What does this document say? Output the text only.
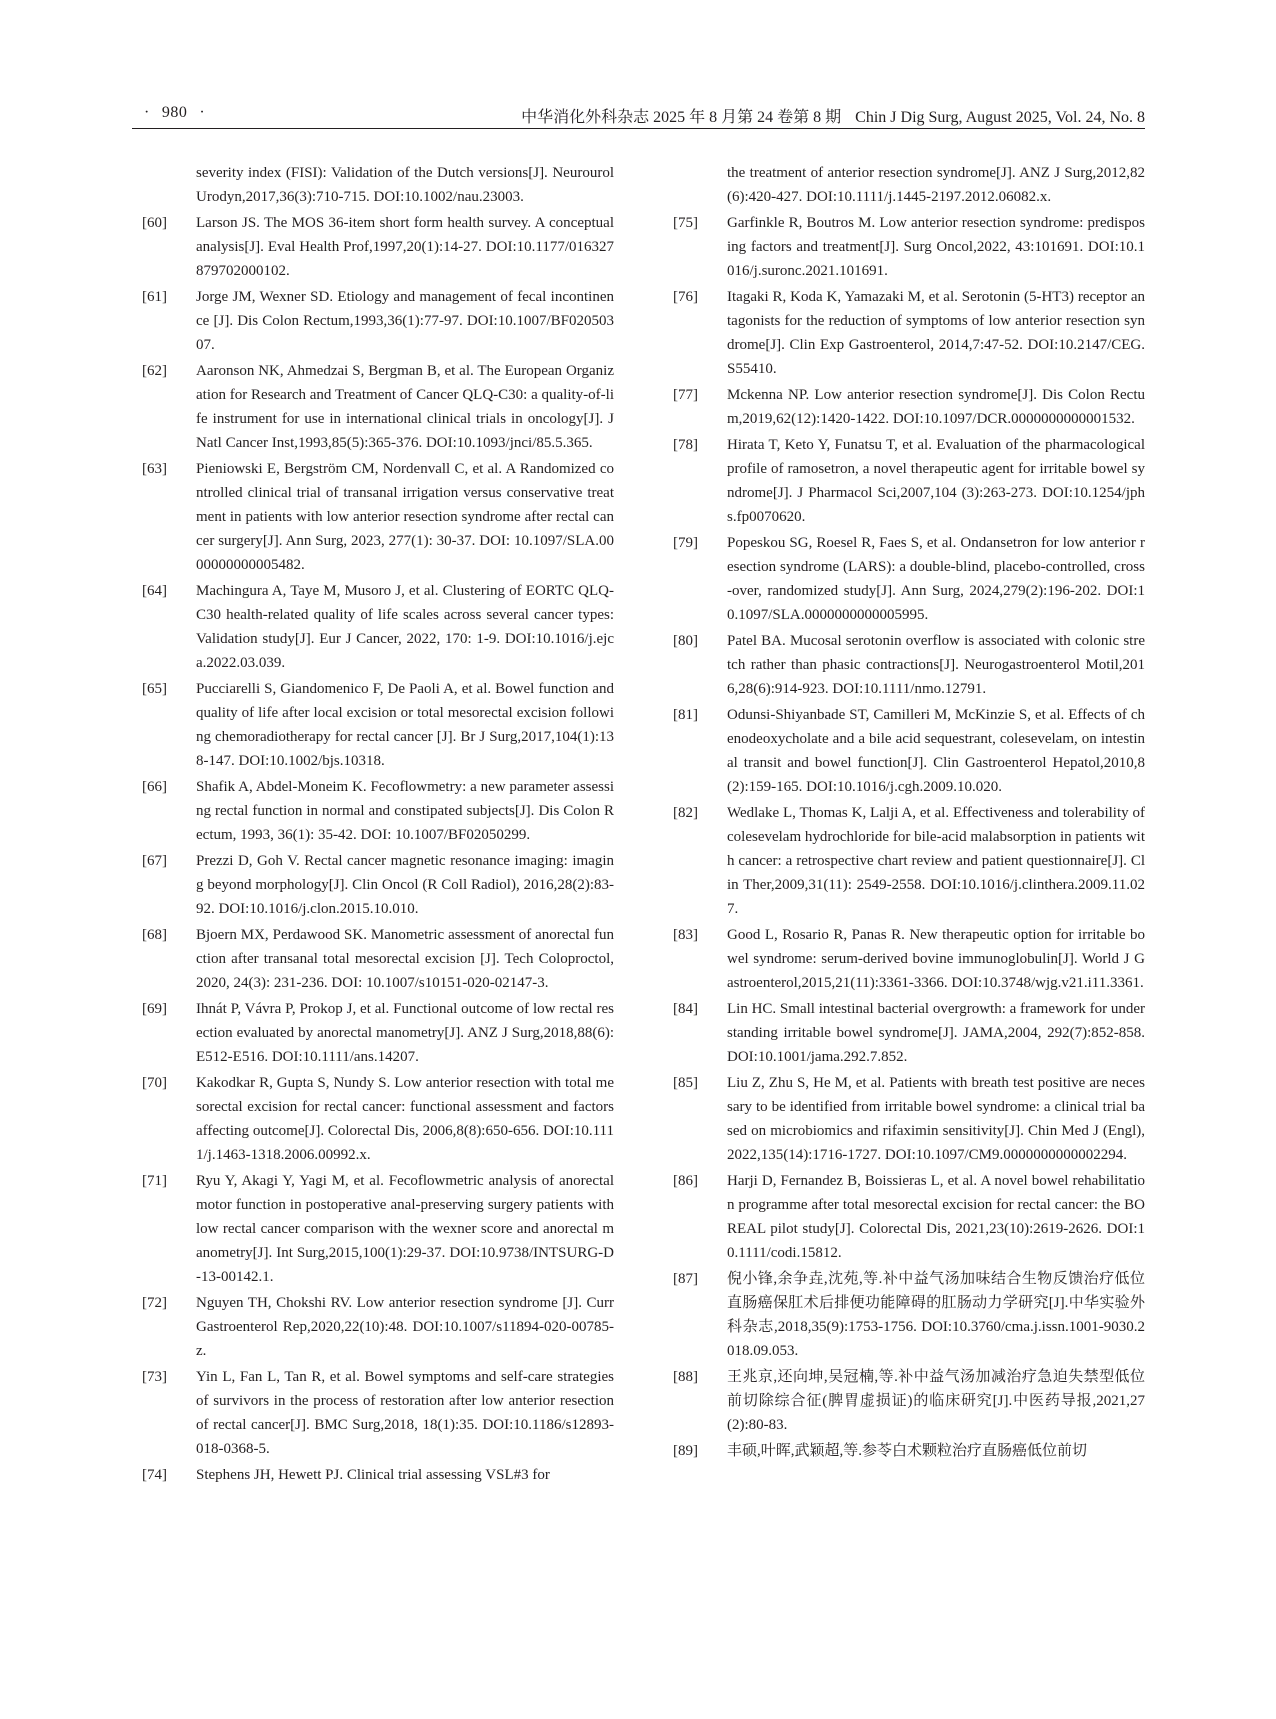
· 980 ·	中华消化外科杂志 2025 年 8 月第 24 卷第 8 期 Chin J Dig Surg, August 2025, Vol. 24, No. 8
severity index (FISI): Validation of the Dutch versions[J]. Neurourol Urodyn,2017,36(3):710-715. DOI:10.1002/nau.23003.
[60] Larson JS. The MOS 36-item short form health survey. A conceptual analysis[J]. Eval Health Prof,1997,20(1):14-27. DOI:10.1177/016327879702000102.
[61] Jorge JM, Wexner SD. Etiology and management of fecal incontinence [J]. Dis Colon Rectum,1993,36(1):77-97. DOI:10.1007/BF02050307.
[62] Aaronson NK, Ahmedzai S, Bergman B, et al. The European Organization for Research and Treatment of Cancer QLQ-C30: a quality-of-life instrument for use in international clinical trials in oncology[J]. J Natl Cancer Inst,1993,85(5):365-376. DOI:10.1093/jnci/85.5.365.
[63] Pieniowski E, Bergström CM, Nordenvall C, et al. A Randomized controlled clinical trial of transanal irrigation versus conservative treatment in patients with low anterior resection syndrome after rectal cancer surgery[J]. Ann Surg, 2023, 277(1): 30-37. DOI: 10.1097/SLA.0000000000005482.
[64] Machingura A, Taye M, Musoro J, et al. Clustering of EORTC QLQ-C30 health-related quality of life scales across several cancer types: Validation study[J]. Eur J Cancer, 2022, 170: 1-9. DOI:10.1016/j.ejca.2022.03.039.
[65] Pucciarelli S, Giandomenico F, De Paoli A, et al. Bowel function and quality of life after local excision or total mesorectal excision following chemoradiotherapy for rectal cancer [J]. Br J Surg,2017,104(1):138-147. DOI:10.1002/bjs.10318.
[66] Shafik A, Abdel-Moneim K. Fecoflowmetry: a new parameter assessing rectal function in normal and constipated subjects[J]. Dis Colon Rectum, 1993, 36(1): 35-42. DOI: 10.1007/BF02050299.
[67] Prezzi D, Goh V. Rectal cancer magnetic resonance imaging: imaging beyond morphology[J]. Clin Oncol (R Coll Radiol), 2016,28(2):83-92. DOI:10.1016/j.clon.2015.10.010.
[68] Bjoern MX, Perdawood SK. Manometric assessment of anorectal function after transanal total mesorectal excision [J]. Tech Coloproctol, 2020, 24(3): 231-236. DOI: 10.1007/s10151-020-02147-3.
[69] Ihnát P, Vávra P, Prokop J, et al. Functional outcome of low rectal resection evaluated by anorectal manometry[J]. ANZ J Surg,2018,88(6):E512-E516. DOI:10.1111/ans.14207.
[70] Kakodkar R, Gupta S, Nundy S. Low anterior resection with total mesorectal excision for rectal cancer: functional assessment and factors affecting outcome[J]. Colorectal Dis, 2006,8(8):650-656. DOI:10.1111/j.1463-1318.2006.00992.x.
[71] Ryu Y, Akagi Y, Yagi M, et al. Fecoflowmetric analysis of anorectal motor function in postoperative anal-preserving surgery patients with low rectal cancer comparison with the wexner score and anorectal manometry[J]. Int Surg,2015,100(1):29-37. DOI:10.9738/INTSURG-D-13-00142.1.
[72] Nguyen TH, Chokshi RV. Low anterior resection syndrome [J]. Curr Gastroenterol Rep,2020,22(10):48. DOI:10.1007/s11894-020-00785-z.
[73] Yin L, Fan L, Tan R, et al. Bowel symptoms and self-care strategies of survivors in the process of restoration after low anterior resection of rectal cancer[J]. BMC Surg,2018, 18(1):35. DOI:10.1186/s12893-018-0368-5.
[74] Stephens JH, Hewett PJ. Clinical trial assessing VSL#3 for
the treatment of anterior resection syndrome[J]. ANZ J Surg,2012,82(6):420-427. DOI:10.1111/j.1445-2197.2012.06082.x.
[75] Garfinkle R, Boutros M. Low anterior resection syndrome: predisposing factors and treatment[J]. Surg Oncol,2022, 43:101691. DOI:10.1016/j.suronc.2021.101691.
[76] Itagaki R, Koda K, Yamazaki M, et al. Serotonin (5-HT3) receptor antagonists for the reduction of symptoms of low anterior resection syndrome[J]. Clin Exp Gastroenterol, 2014,7:47-52. DOI:10.2147/CEG.S55410.
[77] Mckenna NP. Low anterior resection syndrome[J]. Dis Colon Rectum,2019,62(12):1420-1422. DOI:10.1097/DCR.0000000000001532.
[78] Hirata T, Keto Y, Funatsu T, et al. Evaluation of the pharmacological profile of ramosetron, a novel therapeutic agent for irritable bowel syndrome[J]. J Pharmacol Sci,2007,104 (3):263-273. DOI:10.1254/jphs.fp0070620.
[79] Popeskou SG, Roesel R, Faes S, et al. Ondansetron for low anterior resection syndrome (LARS): a double-blind, placebo-controlled, cross-over, randomized study[J]. Ann Surg, 2024,279(2):196-202. DOI:10.1097/SLA.0000000000005995.
[80] Patel BA. Mucosal serotonin overflow is associated with colonic stretch rather than phasic contractions[J]. Neurogastroenterol Motil,2016,28(6):914-923. DOI:10.1111/nmo.12791.
[81] Odunsi-Shiyanbade ST, Camilleri M, McKinzie S, et al. Effects of chenodeoxycholate and a bile acid sequestrant, colesevelam, on intestinal transit and bowel function[J]. Clin Gastroenterol Hepatol,2010,8(2):159-165. DOI:10.1016/j.cgh.2009.10.020.
[82] Wedlake L, Thomas K, Lalji A, et al. Effectiveness and tolerability of colesevelam hydrochloride for bile-acid malabsorption in patients with cancer: a retrospective chart review and patient questionnaire[J]. Clin Ther,2009,31(11): 2549-2558. DOI:10.1016/j.clinthera.2009.11.027.
[83] Good L, Rosario R, Panas R. New therapeutic option for irritable bowel syndrome: serum-derived bovine immunoglobulin[J]. World J Gastroenterol,2015,21(11):3361-3366. DOI:10.3748/wjg.v21.i11.3361.
[84] Lin HC. Small intestinal bacterial overgrowth: a framework for understanding irritable bowel syndrome[J]. JAMA,2004, 292(7):852-858. DOI:10.1001/jama.292.7.852.
[85] Liu Z, Zhu S, He M, et al. Patients with breath test positive are necessary to be identified from irritable bowel syndrome: a clinical trial based on microbiomics and rifaximin sensitivity[J]. Chin Med J (Engl),2022,135(14):1716-1727. DOI:10.1097/CM9.0000000000002294.
[86] Harji D, Fernandez B, Boissieras L, et al. A novel bowel rehabilitation programme after total mesorectal excision for rectal cancer: the BOREAL pilot study[J]. Colorectal Dis, 2021,23(10):2619-2626. DOI:10.1111/codi.15812.
[87] 倪小锋,余争垚,沈苑,等.补中益气汤加味结合生物反馈治疗低位直肠癌保肛术后排便功能障碍的肛肠动力学研究[J].中华实验外科杂志,2018,35(9):1753-1756. DOI:10.3760/cma.j.issn.1001-9030.2018.09.053.
[88] 王兆京,还向坤,吴冠楠,等.补中益气汤加减治疗急迫失禁型低位前切除综合征(脾胃虚损证)的临床研究[J].中医药导报,2021,27(2):80-83.
[89] 丰硕,叶晖,武颖超,等.参苓白术颗粒治疗直肠癌低位前切
